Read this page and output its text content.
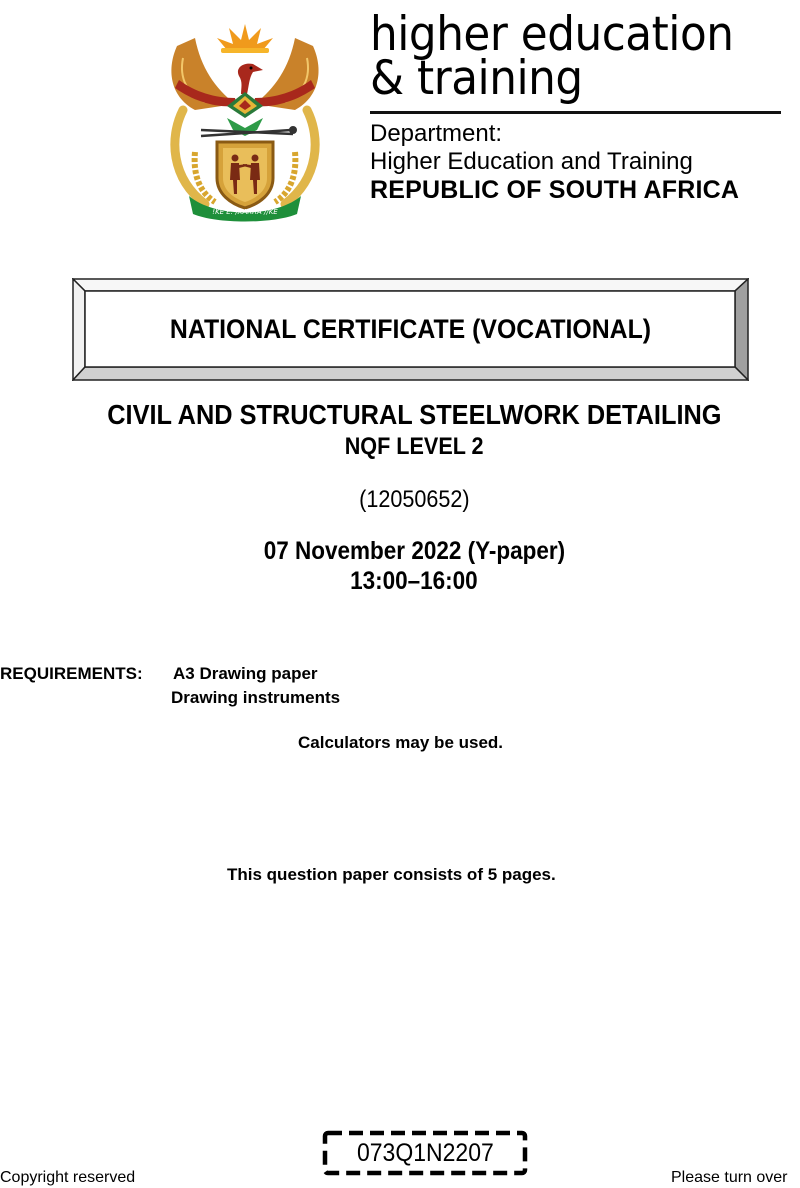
!KE E: /XARRA //KE
higher education
& training
Department:
Higher Education and Training
REPUBLIC OF SOUTH AFRICA
NATIONAL CERTIFICATE (VOCATIONAL)
CIVIL AND STRUCTURAL STEELWORK DETAILING
NQF LEVEL 2
(12050652)
07 November 2022 (Y-paper)
13:00–16:00
REQUIREMENTS: A3 Drawing paper
Drawing instruments
Calculators may be used.
This question paper consists of 5 pages.
Copyright reserved
073Q1N2207
Please turn over
